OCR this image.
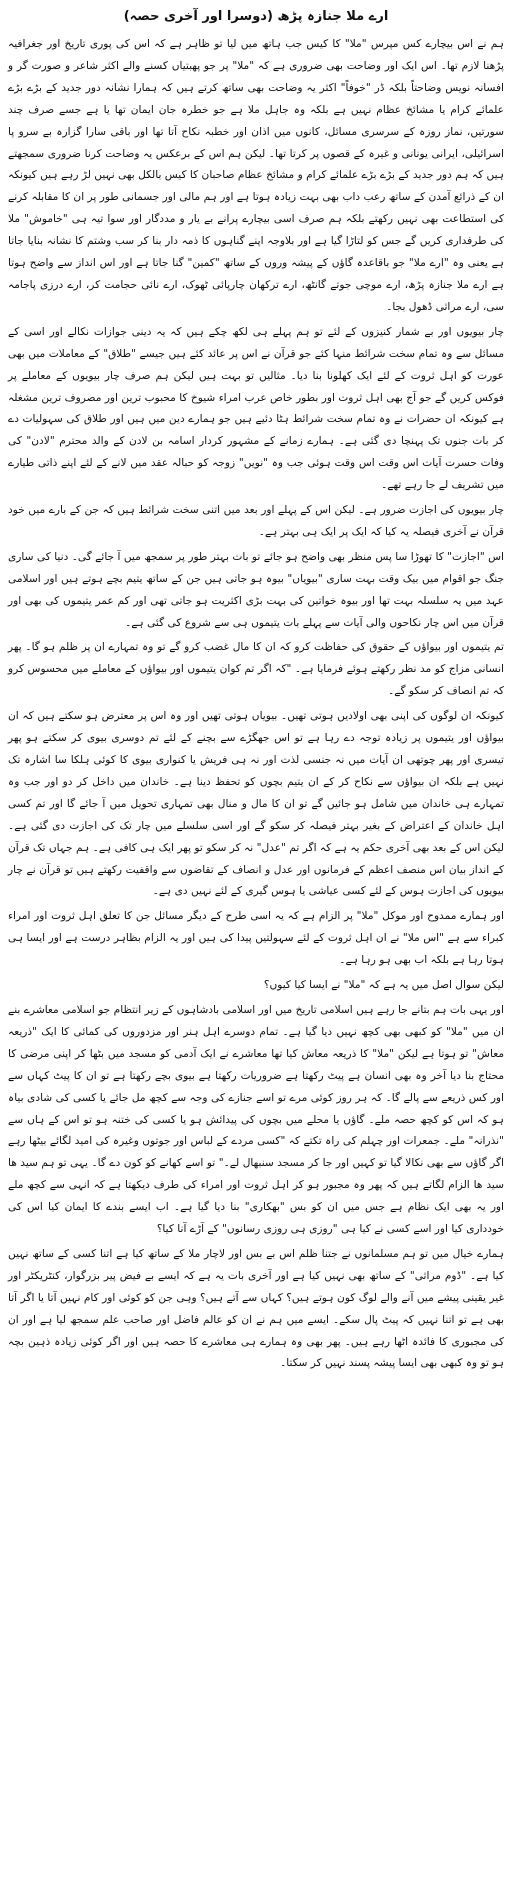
ارے ملا جنازہ پڑھ (دوسرا اور آخری حصہ)

ہم نے اس بیچارے کس مپرس "ملا" کا کیس جب ہاتھ میں لیا تو ظاہر ہے کہ اس کی پوری تاریخ اور جغرافیہ پڑھنا لازم تھا۔ اس ایک اور وضاحت بھی ضروری ہے کہ "ملا" پر جو پھبتیاں کسنے والے اکثر شاعر و صورت گر و افسانہ نویس وضاحتاً بلکہ ڈر "خوفاً" اکثر یہ وضاحت بھی ساتھ کرتے ہیں کہ ہمارا نشانہ دور جدید کے بڑے بڑے علمائے کرام یا مشائخ عظام نہیں ہے بلکہ وہ جاہل ملا ہے جو خطرہ جان ایمان تھا یا ہے جسے صرف چند سورتیں، نماز روزہ کے سرسری مسائل، کانوں میں اذان اور خطبہ نکاح آتا تھا اور باقی سارا گزارہ بے سرو پا اسرائیلی، ایرانی یونانی و غیرہ کے قصوں پر کرتا تھا۔ لیکن ہم اس کے برعکس یہ وضاحت کرنا ضروری سمجھتے ہیں کہ ہم دور جدید کے بڑے بڑے علمائے کرام و مشائخ عظام صاحبان کا کیس بالکل بھی نہیں لڑ رہے ہیں کیونکہ ان کے ذرائع آمدن کے ساتھ رعب داب بھی بہت زیادہ ہوتا ہے اور ہم مالی اور جسمانی طور پر ان کا مقابلہ کرنے کی استطاعت بھی نہیں رکھتے بلکہ ہم صرف اسی بیچارے پرانے بے یار و مددگار اور سوا تیہ ہی "خاموش" ملا کی طرفداری کریں گے جس کو لتاڑا گیا ہے اور بلاوجہ اپنے گناہوں کا ذمہ دار بنا کر سب وشتم کا نشانہ بنایا جاتا ہے یعنی وہ "ارے ملا" جو باقاعدہ گاؤں کے پیشہ وروں کے ساتھ "کمین" گنا جاتا ہے اور اس انداز سے واضح ہوتا ہے ارے ملا جنازہ پڑھ، ارے موچی جوتے گانٹھ، ارے ترکھان چارپائی ٹھوک، ارے نائی حجامت کر، ارے درزی پاجامہ سی، ارے مراثی ڈھول بجا۔

چار بیویوں اور بے شمار کنیزوں کے لئے تو ہم پہلے ہی لکھ چکے ہیں کہ یہ دینی جوازات نکالے اور اسی کے مسائل سے وہ تمام سخت شرائط منہا کئے جو قرآن نے اس پر عائد کئے ہیں جیسے "طلاق" کے معاملات میں بھی عورت کو اہل ثروت کے لئے ایک کھلونا بنا دیا۔ مثالیں تو بہت ہیں لیکن ہم صرف چار بیویوں کے معاملے پر فوکس کریں گے جو آج بھی اہل ثروت اور بطور خاص عرب امراء شیوخ کا محبوب ترین اور مصروف ترین مشغلہ ہے کیونکہ ان حضرات نے وہ تمام سخت شرائط ہٹا دئیے ہیں جو ہمارے دین میں ہیں اور طلاق کی سہولیات دے کر بات جنوں تک پہنچا دی گئی ہے۔ ہمارے زمانے کے مشہور کردار اسامہ بن لادن کے والد محترم "لادن" کی وفات حسرت آیات اس وقت اس وقت ہوئی جب وہ "نویں" زوجہ کو حبالہ عقد میں لانے کے لئے اپنے ذاتی طیارے میں تشریف لے جا رہے تھے۔

چار بیویوں کی اجازت ضرور ہے۔ لیکن اس کے پہلے اور بعد میں اتنی سخت شرائط ہیں کہ جن کے بارے میں خود قرآن نے آخری فیصلہ یہ کیا کہ ایک پر ایک ہی بہتر ہے۔

اس "اجازت" کا تھوڑا سا پس منظر بھی واضح ہو جائے تو بات بہتر طور پر سمجھ میں آ جائے گی۔ دنیا کی ساری جنگ جو اقوام میں بیک وقت بہت ساری "بیویاں" بیوہ ہو جاتی ہیں جن کے ساتھ یتیم بچے ہوتے ہیں اور اسلامی عہد میں یہ سلسلہ بہت تھا اور بیوہ خواتین کی بہت بڑی اکثریت ہو جاتی تھی اور کم عمر یتیموں کی بھی اور قرآن میں اس چار نکاحوں والی آیات سے پہلے بات یتیموں ہی سے شروع کی گئی ہے۔

تم یتیموں اور بیواؤں کے حقوق کی حفاظت کرو کہ ان کا مال غضب کرو گے تو وہ تمہارے ان پر ظلم ہو گا۔ پھر انسانی مزاج کو مد نظر رکھتے ہوئے فرمایا ہے۔ "کہ اگر تم کوان یتیموں اور بیواؤں کے معاملے میں محسوس کرو کہ تم انصاف کر سکو گے۔

کیونکہ ان لوگوں کی اپنی بھی اولادیں ہوتی تھیں۔ بیویاں ہوتی تھیں اور وہ اس پر معترض ہو سکتے ہیں کہ ان بیواؤں اور یتیموں پر زیادہ توجہ دے رہا ہے تو اس جھگڑے سے بچنے کے لئے تم دوسری بیوی کر سکتے ہو پھر تیسری اور پھر چوتھی ان آیات میں نہ جنسی لذت اور نہ ہی فریش یا کنواری بیوی کا کوئی ہلکا سا اشارہ تک نہیں ہے بلکہ ان بیواؤں سے نکاح کر کے ان یتیم بچوں کو تحفظ دینا ہے۔ خاندان میں داخل کر دو اور جب وہ تمہارے ہی خاندان میں شامل ہو جائیں گے تو ان کا مال و منال بھی تمہاری تحویل میں آ جائے گا اور تم کسی اہل خاندان کے اعتراض کے بغیر بہتر فیصلہ کر سکو گے اور اسی سلسلے میں چار تک کی اجازت دی گئی ہے۔ لیکن اس کے بعد بھی آخری حکم یہ ہے کہ اگر تم "عدل" نہ کر سکو تو پھر ایک ہی کافی ہے۔ ہم جہاں تک قرآن کے انداز بیان اس منصف اعظم کے فرمانوں اور عدل و انصاف کے تقاضوں سے واقفیت رکھتے ہیں تو قرآن نے چار بیویوں کی اجازت ہوس کے لئے کسی عیاشی یا ہوس گیری کے لئے نہیں دی ہے۔

اور ہمارے ممدوح اور موکل "ملا" پر الزام ہے کہ یہ اسی طرح کے دیگر مسائل جن کا تعلق اہل ثروت اور امراء کبراء سے ہے "اس ملا" نے ان اہل ثروت کے لئے سہولتیں پیدا کی ہیں اور یہ الزام بظاہر درست ہے اور ایسا ہی ہوتا رہا ہے بلکہ اب بھی ہو رہا ہے۔

لیکن سوال اصل میں یہ ہے کہ "ملا" نے ایسا کیا کیوں؟

اور یہی بات ہم بتانے جا رہے ہیں اسلامی تاریخ میں اور اسلامی بادشاہوں کے زیر انتظام جو اسلامی معاشرے بنے ان میں "ملا" کو کبھی بھی کچھ نہیں دیا گیا ہے۔ تمام دوسرے اہل ہنر اور مزدوروں کی کمائی کا ایک "ذریعہ معاش" تو ہوتا ہے لیکن "ملا" کا ذریعہ معاش کیا تھا معاشرے نے ایک آدمی کو مسجد میں بٹھا کر اپنی مرضی کا محتاج بنا دیا آخر وہ بھی انسان ہے پیٹ رکھتا ہے ضروریات رکھتا ہے بیوی بچے رکھتا ہے تو ان کا پیٹ کہاں سے اور کس ذریعے سے پالے گا۔ کہ ہر روز کوئی مرے تو اسے جنازے کی وجہ سے کچھ مل جائے یا کسی کی شادی بیاہ ہو کہ اس کو کچھ حصہ ملے۔ گاؤں یا محلے میں بچوں کی پیدائش ہو یا کسی کی ختنہ ہو تو اس کے ہاں سے "نذرانہ" ملے۔ جمعرات اور چہلم کی راہ تکتے کہ "کسی مردے کے لباس اور جوتوں وغیرہ کی امید لگائے بیٹھا رہے اگر گاؤں سے بھی نکالا گیا تو کہیں اور جا کر مسجد سنبھال لے۔" تو اسے کھانے کو کون دے گا۔ یہی تو ہم سید ھا سید ھا الزام لگاتے ہیں کہ پھر وہ مجبور ہو کر اہل ثروت اور امراء کی طرف دیکھتا ہے کہ انہی سے کچھ ملے اور یہ بھی ایک نظام ہے جس میں ان کو بس "بھکاری" بنا دیا گیا ہے۔ اب ایسے بندے کا ایمان کیا اس کی خودداری کیا اور اسے کسی نے کیا ہی "روزی ہی روزی رسانوں" کے آڑے آنا کیا؟

ہمارے خیال میں تو ہم مسلمانوں نے جتنا ظلم اس بے بس اور لاچار ملا کے ساتھ کیا ہے اتنا کسی کے ساتھ نہیں کیا ہے۔ "ڈوم مراثی" کے ساتھ بھی نہیں کیا ہے اور آخری بات یہ ہے کہ ایسے بے فیض پیر بزرگوار، کنٹریکٹر اور غیر یقینی پیشے میں آنے والے لوگ کون ہوتے ہیں؟ کہاں سے آتے ہیں؟ وہی جن کو کوئی اور کام نہیں آتا یا اگر آتا بھی ہے تو اتنا نہیں کہ پیٹ پال سکے۔ ایسے میں ہم نے ان کو عالم فاضل اور صاحب علم سمجھ لیا ہے اور ان کی مجبوری کا فائدہ اٹھا رہے ہیں۔ پھر بھی وہ ہمارے ہی معاشرے کا حصہ ہیں اور اگر کوئی زیادہ ذہین بچہ ہو تو وہ کبھی بھی ایسا پیشہ پسند نہیں کر سکتا۔
